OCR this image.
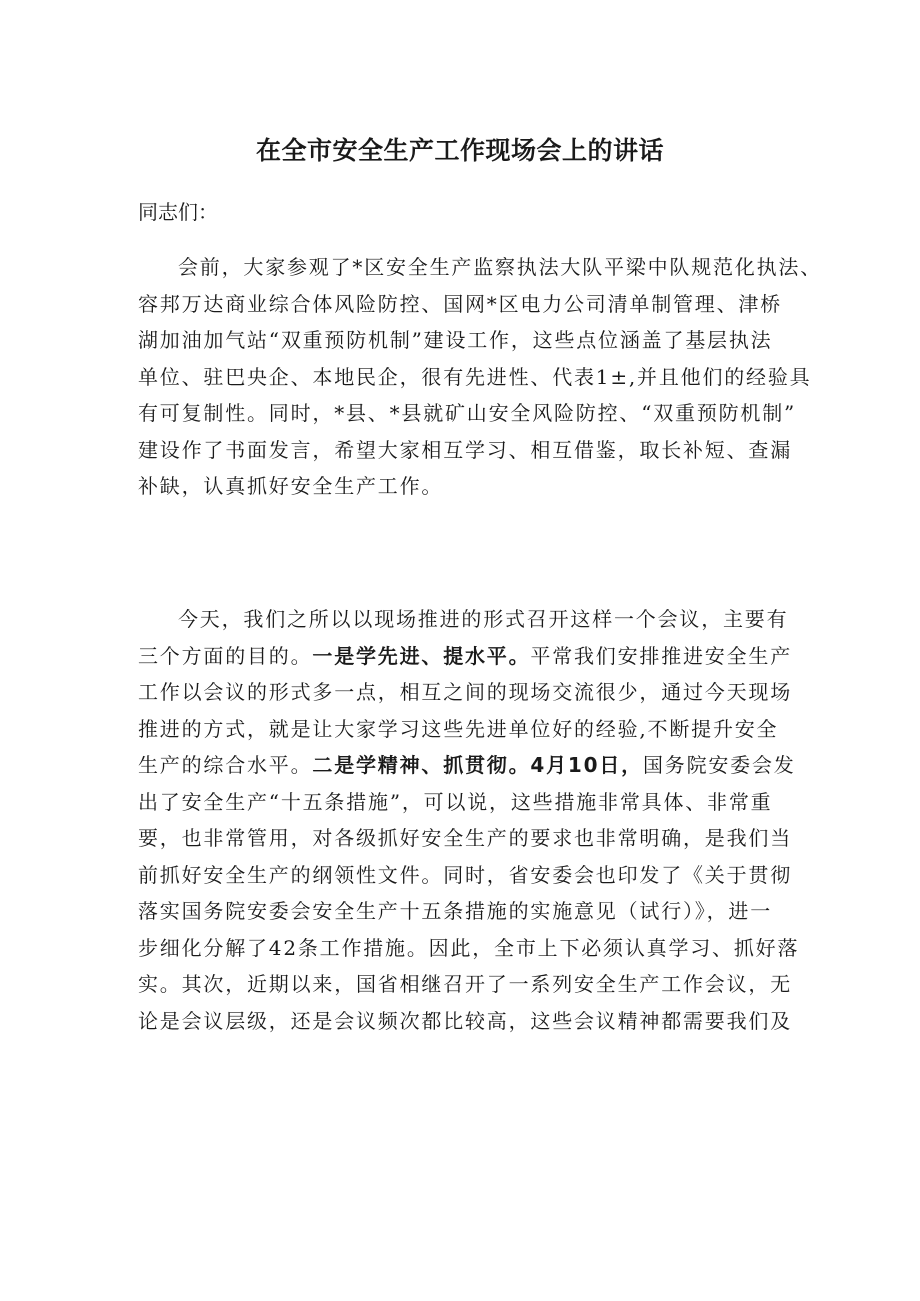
在全市安全生产工作现场会上的讲话

同志们：

会前，大家参观了*区安全生产监察执法大队平梁中队规范化执法、
容邦万达商业综合体风险防控、国网*区电力公司清单制管理、津桥
湖加油加气站“双重预防机制”建设工作，这些点位涵盖了基层执法
单位、驻巴央企、本地民企，很有先进性、代表1±,并且他们的经验具
有可复制性。同时，*县、*县就矿山安全风险防控、“双重预防机制”
建设作了书面发言，希望大家相互学习、相互借鉴，取长补短、查漏
补缺，认真抓好安全生产工作。
今天，我们之所以以现场推进的形式召开这样一个会议，主要有
三个方面的目的。一是学先进、提水平。平常我们安排推进安全生产
工作以会议的形式多一点，相互之间的现场交流很少，通过今天现场
推进的方式，就是让大家学习这些先进单位好的经验,不断提升安全
生产的综合水平。二是学精神、抓贯彻。4月10日，国务院安委会发
出了安全生产“十五条措施”，可以说，这些措施非常具体、非常重
要，也非常管用，对各级抓好安全生产的要求也非常明确，是我们当
前抓好安全生产的纲领性文件。同时，省安委会也印发了《关于贯彻
落实国务院安委会安全生产十五条措施的实施意见（试行）》，进一
步细化分解了42条工作措施。因此，全市上下必须认真学习、抓好落
实。其次，近期以来，国省相继召开了一系列安全生产工作会议，无
论是会议层级，还是会议频次都比较高，这些会议精神都需要我们及
